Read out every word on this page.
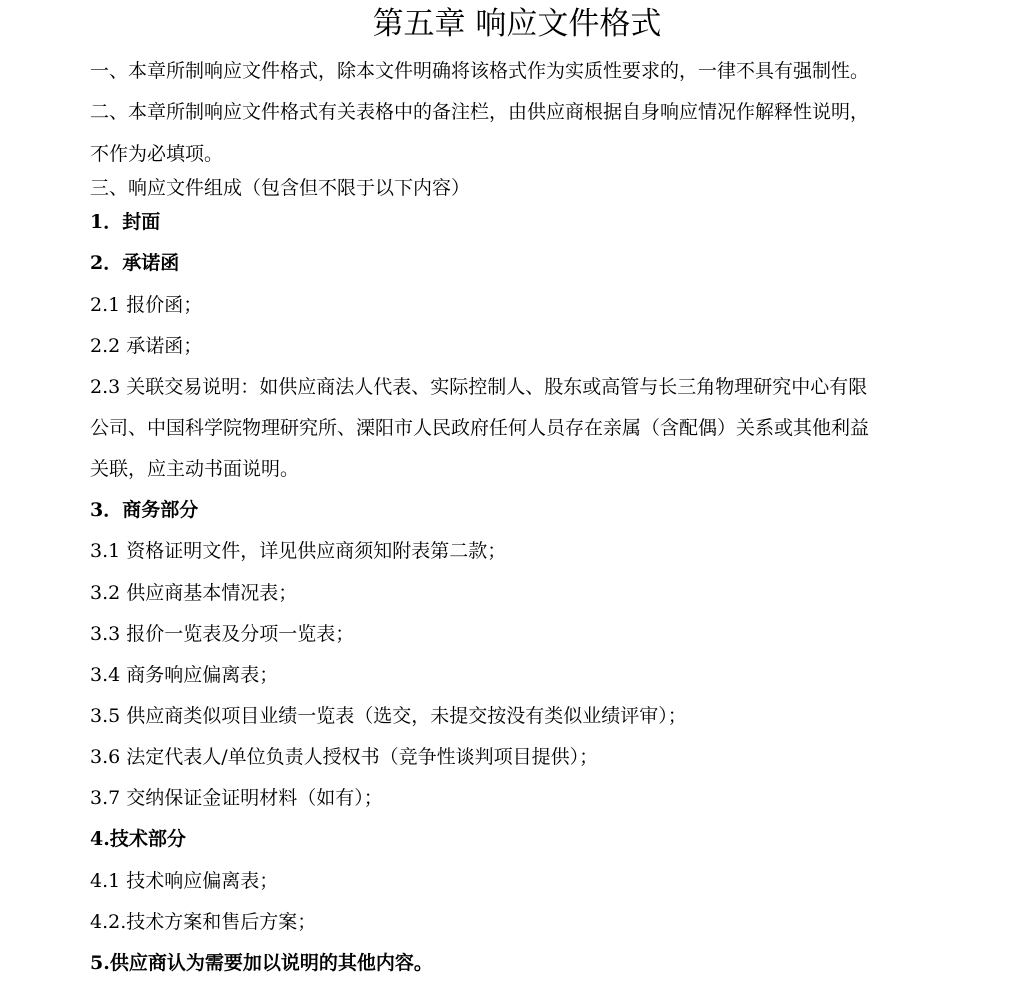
第五章 响应文件格式
一、本章所制响应文件格式，除本文件明确将该格式作为实质性要求的，一律不具有强制性。
二、本章所制响应文件格式有关表格中的备注栏，由供应商根据自身响应情况作解释性说明，
不作为必填项。
三、响应文件组成（包含但不限于以下内容）
1．封面
2．承诺函
2.1 报价函；
2.2 承诺函；
2.3 关联交易说明：如供应商法人代表、实际控制人、股东或高管与长三角物理研究中心有限
公司、中国科学院物理研究所、溧阳市人民政府任何人员存在亲属（含配偶）关系或其他利益
关联，应主动书面说明。
3．商务部分
3.1 资格证明文件，详见供应商须知附表第二款；
3.2 供应商基本情况表；
3.3 报价一览表及分项一览表；
3.4 商务响应偏离表；
3.5 供应商类似项目业绩一览表（选交，未提交按没有类似业绩评审）；
3.6 法定代表人/单位负责人授权书（竞争性谈判项目提供）；
3.7 交纳保证金证明材料（如有）；
4.技术部分
4.1 技术响应偏离表；
4.2.技术方案和售后方案；
5.供应商认为需要加以说明的其他内容。
